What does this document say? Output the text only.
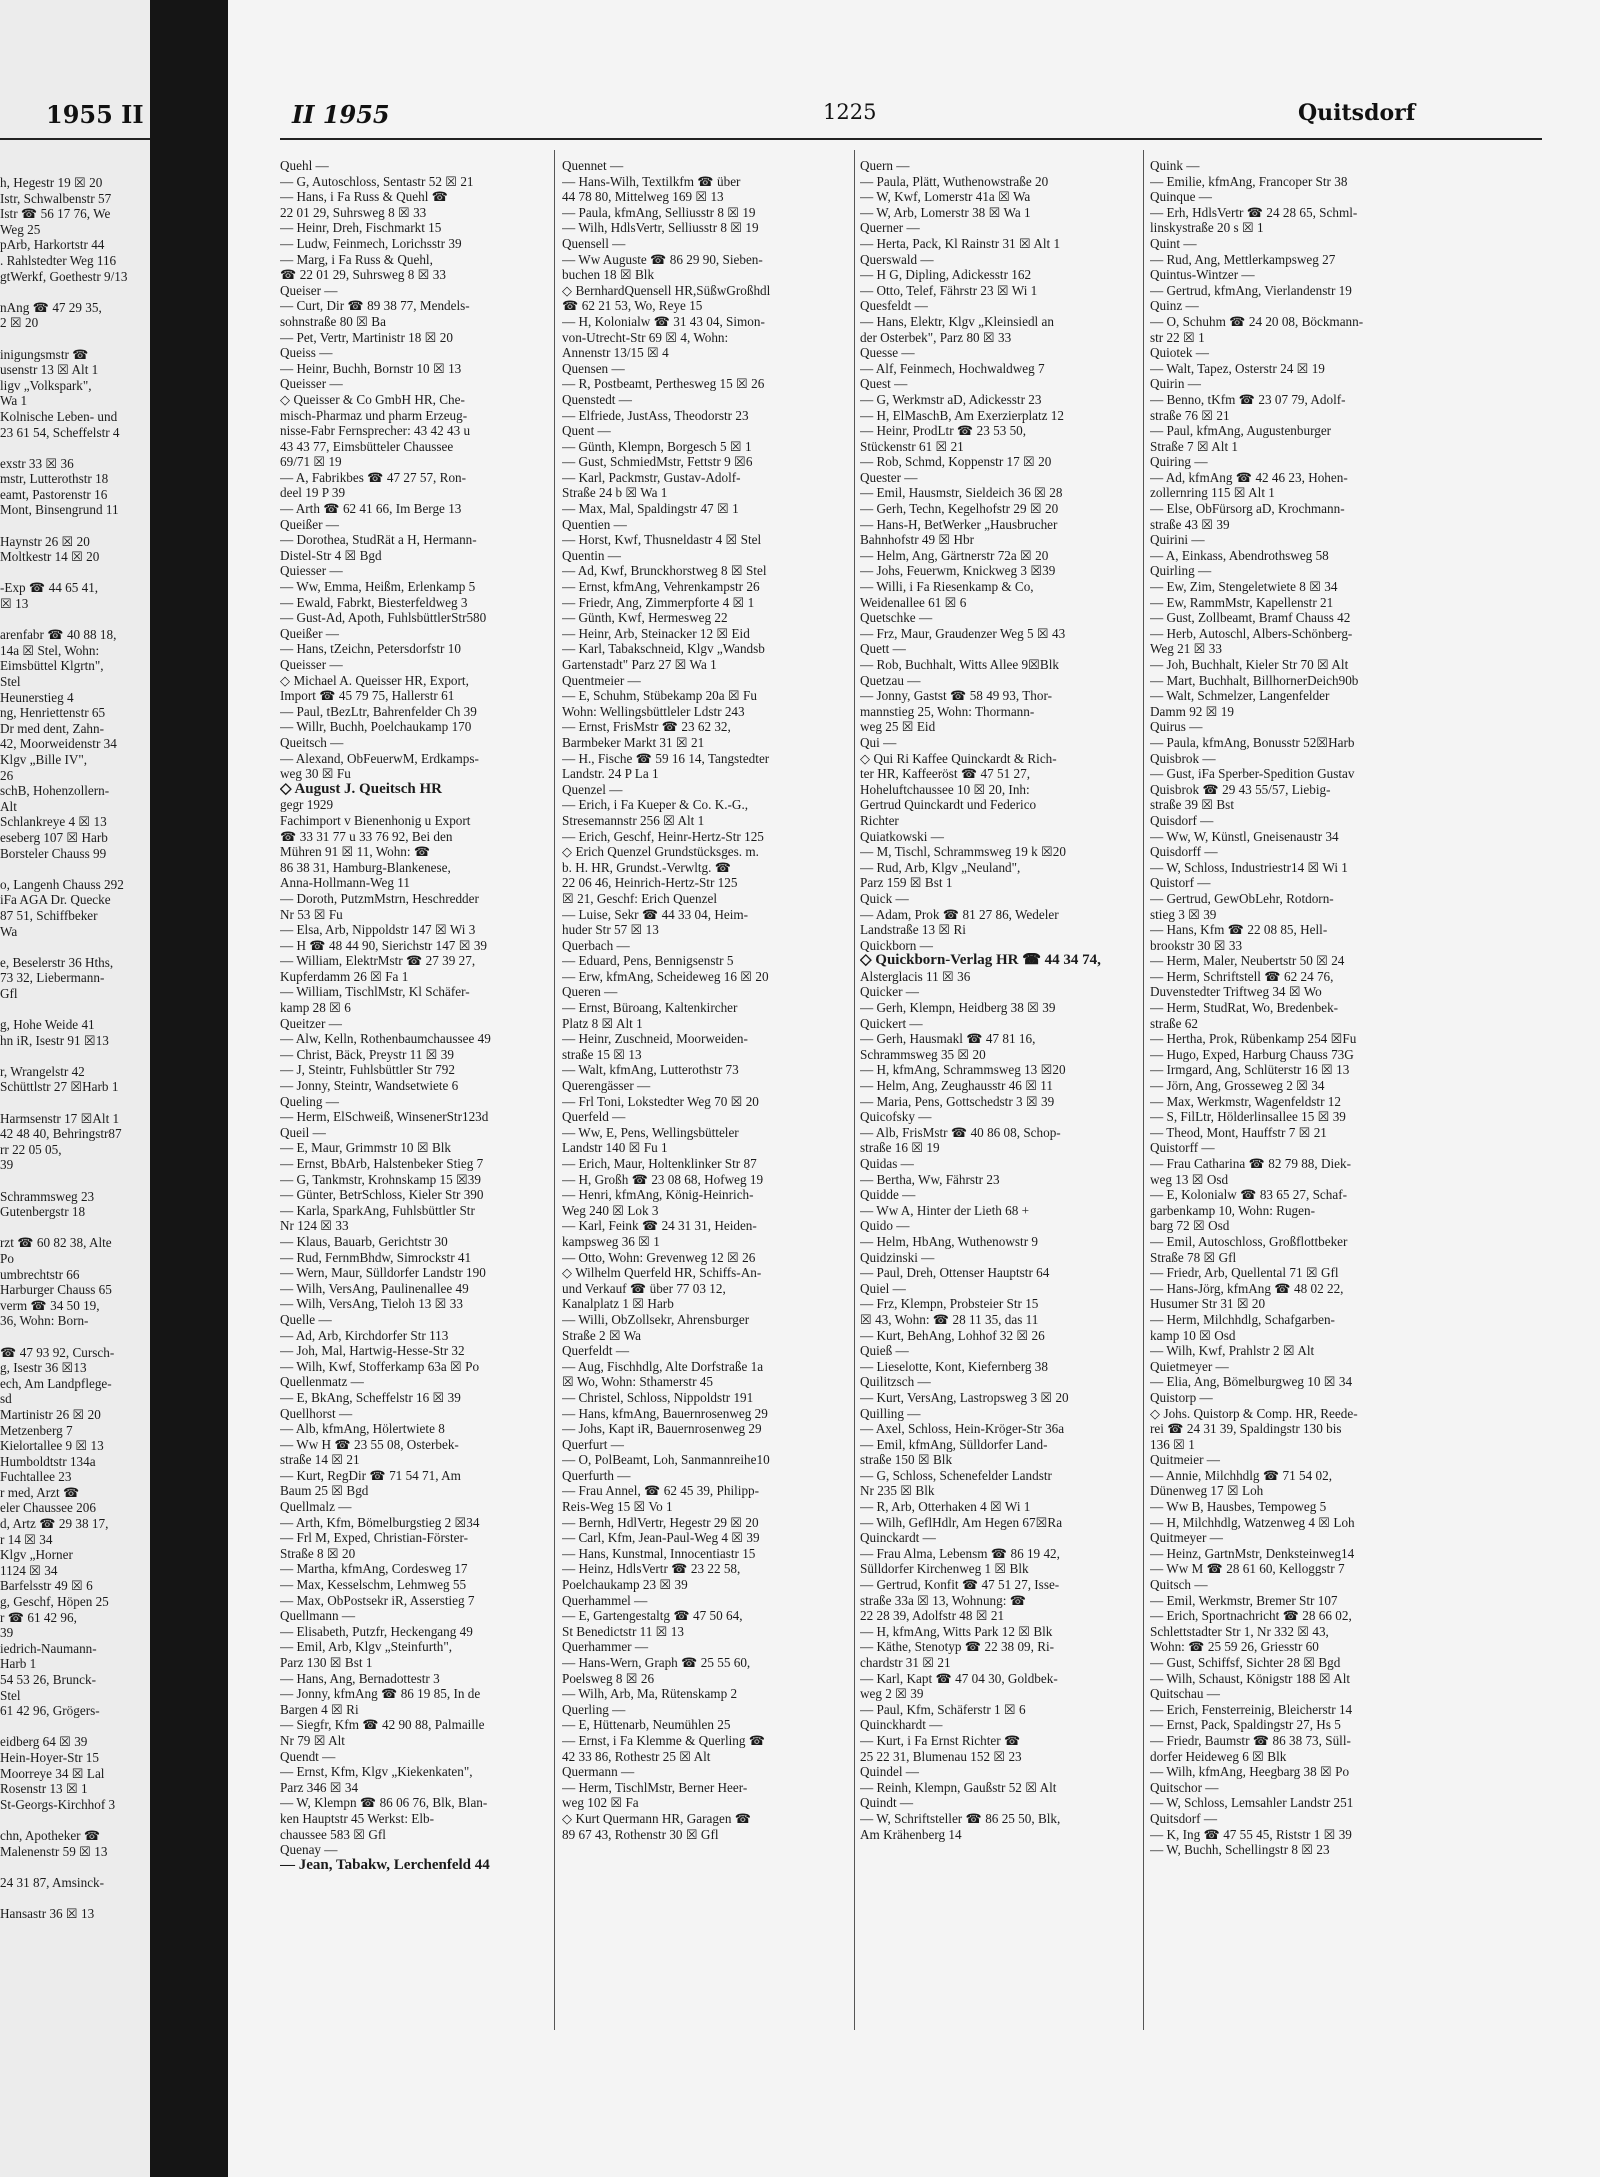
1955 II
h, Hegestr 19 ☒ 20
Istr, Schwalbenstr 57
Istr ☎ 56 17 76, We
Weg 25
pArb, Harkortstr 44
. Rahlstedter Weg 116
gtWerkf, Goethestr 9/13

nAng ☎ 47 29 35,
2 ☒ 20

inigungsmstr ☎
usenstr 13 ☒ Alt 1
ligv „Volkspark",
Wa 1
Kolnische Leben- und
23 61 54, Scheffelstr 4

exstr 33 ☒ 36
mstr, Lutterothstr 18
eamt, Pastorenstr 16
Mont, Binsengrund 11

Haynstr 26 ☒ 20
Moltkestr 14 ☒ 20

-Exp ☎ 44 65 41,
☒ 13

arenfabr ☎ 40 88 18,
14a ☒ Stel, Wohn:
Eimsbüttel Klgrtn",
Stel
Heunerstieg 4
ng, Henriettenstr 65
Dr med dent, Zahn-
42, Moorweidenstr 34
Klgv „Bille IV",
26
schB, Hohenzollern-
Alt
Schlankreye 4 ☒ 13
eseberg 107 ☒ Harb
Borsteler Chauss 99

o, Langenh Chauss 292
iFa AGA Dr. Quecke
87 51, Schiffbeker
Wa

e, Beselerstr 36 Hths,
73 32, Liebermann-
Gfl

g, Hohe Weide 41
hn iR, Isestr 91 ☒13

r, Wrangelstr 42
Schüttlstr 27 ☒Harb 1

Harmsenstr 17 ☒Alt 1
42 48 40, Behringstr87
rr 22 05 05,
39

Schrammsweg 23
Gutenbergstr 18

rzt ☎ 60 82 38, Alte
Po
umbrechtstr 66
Harburger Chauss 65
verm ☎ 34 50 19,
36, Wohn: Born-

☎ 47 93 92, Cursch-
g, Isestr 36 ☒13
ech, Am Landpflege-
sd
Martinistr 26 ☒ 20
Metzenberg 7
Kielortallee 9 ☒ 13
Humboldtstr 134a
Fuchtallee 23
r med, Arzt ☎
eler Chaussee 206
d, Artz ☎ 29 38 17,
r 14 ☒ 34
Klgv „Horner
1124 ☒ 34
Barfelsstr 49 ☒ 6
g, Geschf, Höpen 25
r ☎ 61 42 96,
39
iedrich-Naumann-
Harb 1
54 53 26, Brunck-
Stel
61 42 96, Grögers-

eidberg 64 ☒ 39
Hein-Hoyer-Str 15
Moorreye 34 ☒ Lal
Rosenstr 13 ☒ 1
St-Georgs-Kirchhof 3

chn, Apotheker ☎
Malenenstr 59 ☒ 13

24 31 87, Amsinck-

Hansastr 36 ☒ 13
II 1955	1225	Quitsdorf
Quehl —
— G, Autoschloss, Sentastr 52 ☒ 21
— Hans, i Fa Russ & Quehl ☎
22 01 29, Suhrsweg 8 ☒ 33
— Heinr, Dreh, Fischmarkt 15
— Ludw, Feinmech, Lorichsstr 39
— Marg, i Fa Russ & Quehl,
☎ 22 01 29, Suhrsweg 8 ☒ 33
Queiser —
— Curt, Dir ☎ 89 38 77, Mendels-
sohnstraße 80 ☒ Ba
— Pet, Vertr, Martinistr 18 ☒ 20
Queiss —
— Heinr, Buchh, Bornstr 10 ☒ 13
Queisser —
◇ Queisser & Co GmbH HR, Che-
misch-Pharmaz und pharm Erzeug-
nisse-Fabr Fernsprecher: 43 42 43 u
43 43 77, Eimsbütteler Chaussee
69/71 ☒ 19
— A, Fabrikbes ☎ 47 27 57, Ron-
deel 19 P 39
— Arth ☎ 62 41 66, Im Berge 13
Queißer —
— Dorothea, StudRät a H, Hermann-
Distel-Str 4 ☒ Bgd
Quiesser —
— Ww, Emma, Heißm, Erlenkamp 5
— Ewald, Fabrkt, Biesterfeldweg 3
— Gust-Ad, Apoth, FuhlsbüttlerStr580
Queißer —
— Hans, tZeichn, Petersdorfstr 10
Queisser —
◇ Michael A. Queisser HR, Export,
Import ☎ 45 79 75, Hallerstr 61
— Paul, tBezLtr, Bahrenfelder Ch 39
— Willr, Buchh, Poelchaukamp 170
Queitsch —
— Alexand, ObFeuerwM, Erdkamps-
weg 30 ☒ Fu
◇ August J. Queitsch HR
gegr 1929
Fachimport v Bienenhonig u Export
☎ 33 31 77 u 33 76 92, Bei den
Mühren 91 ☒ 11, Wohn: ☎
86 38 31, Hamburg-Blankenese,
Anna-Hollmann-Weg 11
— Doroth, PutzmMstrn, Heschredder
Nr 53 ☒ Fu
— Elsa, Arb, Nippoldstr 147 ☒ Wi 3
— H ☎ 48 44 90, Sierichstr 147 ☒ 39
— William, ElektrMstr ☎ 27 39 27,
Kupferdamm 26 ☒ Fa 1
— William, TischlMstr, Kl Schäfer-
kamp 28 ☒ 6
Queitzer —
— Alw, Kelln, Rothenbaumchaussee 49
— Christ, Bäck, Preystr 11 ☒ 39
— J, Steintr, Fuhlsbüttler Str 792
— Jonny, Steintr, Wandsetwiete 6
Queling —
— Herm, ElSchweiß, WinsenerStr123d
Queil —
— E, Maur, Grimmstr 10 ☒ Blk
— Ernst, BbArb, Halstenbeker Stieg 7
— G, Tankmstr, Krohnskamp 15 ☒39
— Günter, BetrSchloss, Kieler Str 390
— Karla, SparkAng, Fuhlsbüttler Str
Nr 124 ☒ 33
— Klaus, Bauarb, Gerichtstr 30
— Rud, FernmBhdw, Simrockstr 41
— Wern, Maur, Sülldorfer Landstr 190
— Wilh, VersAng, Paulinenallee 49
— Wilh, VersAng, Tieloh 13 ☒ 33
Quelle —
— Ad, Arb, Kirchdorfer Str 113
— Joh, Mal, Hartwig-Hesse-Str 32
— Wilh, Kwf, Stofferkamp 63a ☒ Po
Quellenmatz —
— E, BkAng, Scheffelstr 16 ☒ 39
Quellhorst —
— Alb, kfmAng, Hölertwiete 8
— Ww H ☎ 23 55 08, Osterbek-
straße 14 ☒ 21
— Kurt, RegDir ☎ 71 54 71, Am
Baum 25 ☒ Bgd
Quellmalz —
— Arth, Kfm, Bömelburgstieg 2 ☒34
— Frl M, Exped, Christian-Förster-
Straße 8 ☒ 20
— Martha, kfmAng, Cordesweg 17
— Max, Kesselschm, Lehmweg 55
— Max, ObPostsekr iR, Asserstieg 7
Quellmann —
— Elisabeth, Putzfr, Heckengang 49
— Emil, Arb, Klgv „Steinfurth",
Parz 130 ☒ Bst 1
— Hans, Ang, Bernadottestr 3
— Jonny, kfmAng ☎ 86 19 85, In de
Bargen 4 ☒ Ri
— Siegfr, Kfm ☎ 42 90 88, Palmaille
Nr 79 ☒ Alt
Quendt —
— Ernst, Kfm, Klgv „Kiekenkaten",
Parz 346 ☒ 34
— W, Klempn ☎ 86 06 76, Blk, Blan-
ken Hauptstr 45 Werkst: Elb-
chaussee 583 ☒ Gfl
Quenay —
— Jean, Tabakw, Lerchenfeld 44
Quennet —
— Hans-Wilh, Textilkfm ☎ über
44 78 80, Mittelweg 169 ☒ 13
— Paula, kfmAng, Selliusstr 8 ☒ 19
— Wilh, HdlsVertr, Selliusstr 8 ☒ 19
Quensell —
— Ww Auguste ☎ 86 29 90, Sieben-
buchen 18 ☒ Blk
◇ BernhardQuensell HR,SüßwGroßhdl
☎ 62 21 53, Wo, Reye 15
— H, Kolonialw ☎ 31 43 04, Simon-
von-Utrecht-Str 69 ☒ 4, Wohn:
Annenstr 13/15 ☒ 4
Quensen —
— R, Postbeamt, Perthesweg 15 ☒ 26
Quenstedt —
— Elfriede, JustAss, Theodorstr 23
Quent —
— Günth, Klempn, Borgesch 5 ☒ 1
— Gust, SchmiedMstr, Fettstr 9 ☒6
— Karl, Packmstr, Gustav-Adolf-
Straße 24 b ☒ Wa 1
— Max, Mal, Spaldingstr 47 ☒ 1
Quentien —
— Horst, Kwf, Thusneldastr 4 ☒ Stel
Quentin —
— Ad, Kwf, Brunckhorstweg 8 ☒ Stel
— Ernst, kfmAng, Vehrenkampstr 26
— Friedr, Ang, Zimmerpforte 4 ☒ 1
— Günth, Kwf, Hermesweg 22
— Heinr, Arb, Steinacker 12 ☒ Eid
— Karl, Tabakschneid, Klgv „Wandsb
Gartenstadt" Parz 27 ☒ Wa 1
Quentmeier —
— E, Schuhm, Stübekamp 20a ☒ Fu
Wohn: Wellingsbüttleler Ldstr 243
— Ernst, FrisMstr ☎ 23 62 32,
Barmbeker Markt 31 ☒ 21
— H., Fische ☎ 59 16 14, Tangstedter
Landstr. 24 P La 1
Quenzel —
— Erich, i Fa Kueper & Co. K.-G.,
Stresemannstr 256 ☒ Alt 1
— Erich, Geschf, Heinr-Hertz-Str 125
◇ Erich Quenzel Grundstücksges. m.
b. H. HR, Grundst.-Verwltg. ☎
22 06 46, Heinrich-Hertz-Str 125
☒ 21, Geschf: Erich Quenzel
— Luise, Sekr ☎ 44 33 04, Heim-
huder Str 57 ☒ 13
Querbach —
— Eduard, Pens, Bennigsenstr 5
— Erw, kfmAng, Scheideweg 16 ☒ 20
Queren —
— Ernst, Büroang, Kaltenkircher
Platz 8 ☒ Alt 1
— Heinr, Zuschneid, Moorweiden-
straße 15 ☒ 13
— Walt, kfmAng, Lutterothstr 73
Querengässer —
— Frl Toni, Lokstedter Weg 70 ☒ 20
Querfeld —
— Ww, E, Pens, Wellingsbütteler
Landstr 140 ☒ Fu 1
— Erich, Maur, Holtenklinker Str 87
— H, Großh ☎ 23 08 68, Hofweg 19
— Henri, kfmAng, König-Heinrich-
Weg 240 ☒ Lok 3
— Karl, Feink ☎ 24 31 31, Heiden-
kampsweg 36 ☒ 1
— Otto, Wohn: Grevenweg 12 ☒ 26
◇ Wilhelm Querfeld HR, Schiffs-An-
und Verkauf ☎ über 77 03 12,
Kanalplatz 1 ☒ Harb
— Willi, ObZollsekr, Ahrensburger
Straße 2 ☒ Wa
Querfeldt —
— Aug, Fischhdlg, Alte Dorfstraße 1a
☒ Wo, Wohn: Sthamerstr 45
— Christel, Schloss, Nippoldstr 191
— Hans, kfmAng, Bauernrosenweg 29
— Johs, Kapt iR, Bauernrosenweg 29
Querfurt —
— O, PolBeamt, Loh, Sanmannreihe10
Querfurth —
— Frau Annel, ☎ 62 45 39, Philipp-
Reis-Weg 15 ☒ Vo 1
— Bernh, HdlVertr, Hegestr 29 ☒ 20
— Carl, Kfm, Jean-Paul-Weg 4 ☒ 39
— Hans, Kunstmal, Innocentiastr 15
— Heinz, HdlsVertr ☎ 23 22 58,
Poelchaukamp 23 ☒ 39
Querhammel —
— E, Gartengestaltg ☎ 47 50 64,
St Benedictstr 11 ☒ 13
Querhammer —
— Hans-Wern, Graph ☎ 25 55 60,
Poelsweg 8 ☒ 26
— Wilh, Arb, Ma, Rütenskamp 2
Querling —
— E, Hüttenarb, Neumühlen 25
— Ernst, i Fa Klemme & Querling ☎
42 33 86, Rothestr 25 ☒ Alt
Quermann —
— Herm, TischlMstr, Berner Heer-
weg 102 ☒ Fa
◇ Kurt Quermann HR, Garagen ☎
89 67 43, Rothenstr 30 ☒ Gfl
Quern —
— Paula, Plätt, Wuthenowstraße 20
— W, Kwf, Lomerstr 41a ☒ Wa
— W, Arb, Lomerstr 38 ☒ Wa 1
Querner —
— Herta, Pack, Kl Rainstr 31 ☒ Alt 1
Querswald —
— H G, Dipling, Adickesstr 162
— Otto, Telef, Fährstr 23 ☒ Wi 1
Quesfeldt —
— Hans, Elektr, Klgv „Kleinsiedl an
der Osterbek", Parz 80 ☒ 33
Quesse —
— Alf, Feinmech, Hochwaldweg 7
Quest —
— G, Werkmstr aD, Adickesstr 23
— H, ElMaschB, Am Exerzierplatz 12
— Heinr, ProdLtr ☎ 23 53 50,
Stückenstr 61 ☒ 21
— Rob, Schmd, Koppenstr 17 ☒ 20
Quester —
— Emil, Hausmstr, Sieldeich 36 ☒ 28
— Gerh, Techn, Kegelhofstr 29 ☒ 20
— Hans-H, BetWerker „Hausbrucher
Bahnhofstr 49 ☒ Hbr
— Helm, Ang, Gärtnerstr 72a ☒ 20
— Johs, Feuerwm, Knickweg 3 ☒39
— Willi, i Fa Riesenkamp & Co,
Weidenallee 61 ☒ 6
Quetschke —
— Frz, Maur, Graudenzer Weg 5 ☒ 43
Quett —
— Rob, Buchhalt, Witts Allee 9☒Blk
Quetzau —
— Jonny, Gastst ☎ 58 49 93, Thor-
mannstieg 25, Wohn: Thormann-
weg 25 ☒ Eid
Qui —
◇ Qui Ri Kaffee Quinckardt & Rich-
ter HR, Kaffeeröst ☎ 47 51 27,
Hoheluftchaussee 10 ☒ 20, Inh:
Gertrud Quinckardt und Federico
Richter
Quiatkowski —
— M, Tischl, Schrammsweg 19 k ☒20
— Rud, Arb, Klgv „Neuland",
Parz 159 ☒ Bst 1
Quick —
— Adam, Prok ☎ 81 27 86, Wedeler
Landstraße 13 ☒ Ri
Quickborn —
◇ Quickborn-Verlag HR ☎ 44 34 74,
Alsterglacis 11 ☒ 36
Quicker —
— Gerh, Klempn, Heidberg 38 ☒ 39
Quickert —
— Gerh, Hausmakl ☎ 47 81 16,
Schrammsweg 35 ☒ 20
— H, kfmAng, Schrammsweg 13 ☒20
— Helm, Ang, Zeughausstr 46 ☒ 11
— Maria, Pens, Gottschedstr 3 ☒ 39
Quicofsky —
— Alb, FrisMstr ☎ 40 86 08, Schop-
straße 16 ☒ 19
Quidas —
— Bertha, Ww, Fährstr 23
Quidde —
— Ww A, Hinter der Lieth 68 +
Quido —
— Helm, HbAng, Wuthenowstr 9
Quidzinski —
— Paul, Dreh, Ottenser Hauptstr 64
Quiel —
— Frz, Klempn, Probsteier Str 15
☒ 43, Wohn: ☎ 28 11 35, das 11
— Kurt, BehAng, Lohhof 32 ☒ 26
Quieß —
— Lieselotte, Kont, Kiefernberg 38
Quilitzsch —
— Kurt, VersAng, Lastropsweg 3 ☒ 20
Quilling —
— Axel, Schloss, Hein-Kröger-Str 36a
— Emil, kfmAng, Sülldorfer Land-
straße 150 ☒ Blk
— G, Schloss, Schenefelder Landstr
Nr 235 ☒ Blk
— R, Arb, Otterhaken 4 ☒ Wi 1
— Wilh, GeflHdlr, Am Hegen 67☒Ra
Quinckardt —
— Frau Alma, Lebensm ☎ 86 19 42,
Sülldorfer Kirchenweg 1 ☒ Blk
— Gertrud, Konfit ☎ 47 51 27, Isse-
straße 33a ☒ 13, Wohnung: ☎
22 28 39, Adolfstr 48 ☒ 21
— H, kfmAng, Witts Park 12 ☒ Blk
— Käthe, Stenotyp ☎ 22 38 09, Ri-
chardstr 31 ☒ 21
— Karl, Kapt ☎ 47 04 30, Goldbek-
weg 2 ☒ 39
— Paul, Kfm, Schäferstr 1 ☒ 6
Quinckhardt —
— Kurt, i Fa Ernst Richter ☎
25 22 31, Blumenau 152 ☒ 23
Quindel —
— Reinh, Klempn, Gaußstr 52 ☒ Alt
Quindt —
— W, Schriftsteller ☎ 86 25 50, Blk,
Am Krähenberg 14
Quink —
— Emilie, kfmAng, Francoper Str 38
Quinque —
— Erh, HdlsVertr ☎ 24 28 65, Schml-
linskystraße 20 s ☒ 1
Quint —
— Rud, Ang, Mettlerkampsweg 27
Quintus-Wintzer —
— Gertrud, kfmAng, Vierlandenstr 19
Quinz —
— O, Schuhm ☎ 24 20 08, Böckmann-
str 22 ☒ 1
Quiotek —
— Walt, Tapez, Osterstr 24 ☒ 19
Quirin —
— Benno, tKfm ☎ 23 07 79, Adolf-
straße 76 ☒ 21
— Paul, kfmAng, Augustenburger
Straße 7 ☒ Alt 1
Quiring —
— Ad, kfmAng ☎ 42 46 23, Hohen-
zollernring 115 ☒ Alt 1
— Else, ObFürsorg aD, Krochmann-
straße 43 ☒ 39
Quirini —
— A, Einkass, Abendrothsweg 58
Quirling —
— Ew, Zim, Stengeletwiete 8 ☒ 34
— Ew, RammMstr, Kapellenstr 21
— Gust, Zollbeamt, Bramf Chauss 42
— Herb, Autoschl, Albers-Schönberg-
Weg 21 ☒ 33
— Joh, Buchhalt, Kieler Str 70 ☒ Alt
— Mart, Buchhalt, BillhornerDeich90b
— Walt, Schmelzer, Langenfelder
Damm 92 ☒ 19
Quirus —
— Paula, kfmAng, Bonusstr 52☒Harb
Quisbrok —
— Gust, iFa Sperber-Spedition Gustav
Quisbrok ☎ 29 43 55/57, Liebig-
straße 39 ☒ Bst
Quisdorf —
— Ww, W, Künstl, Gneisenaustr 34
Quisdorff —
— W, Schloss, Industriestr14 ☒ Wi 1
Quistorf —
— Gertrud, GewObLehr, Rotdorn-
stieg 3 ☒ 39
— Hans, Kfm ☎ 22 08 85, Hell-
brookstr 30 ☒ 33
— Herm, Maler, Neubertstr 50 ☒ 24
— Herm, Schriftstell ☎ 62 24 76,
Duvenstedter Triftweg 34 ☒ Wo
— Herm, StudRat, Wo, Bredenbek-
straße 62
— Hertha, Prok, Rübenkamp 254 ☒Fu
— Hugo, Exped, Harburg Chauss 73G
— Irmgard, Ang, Schlüterstr 16 ☒ 13
— Jörn, Ang, Grosseweg 2 ☒ 34
— Max, Werkmstr, Wagenfeldstr 12
— S, FilLtr, Hölderlinsallee 15 ☒ 39
— Theod, Mont, Hauffstr 7 ☒ 21
Quistorff —
— Frau Catharina ☎ 82 79 88, Diek-
weg 13 ☒ Osd
— E, Kolonialw ☎ 83 65 27, Schaf-
garbenkamp 10, Wohn: Rugen-
barg 72 ☒ Osd
— Emil, Autoschloss, Großflottbeker
Straße 78 ☒ Gfl
— Friedr, Arb, Quellental 71 ☒ Gfl
— Hans-Jörg, kfmAng ☎ 48 02 22,
Husumer Str 31 ☒ 20
— Herm, Milchhdlg, Schafgarben-
kamp 10 ☒ Osd
— Wilh, Kwf, Prahlstr 2 ☒ Alt
Quietmeyer —
— Elia, Ang, Bömelburgweg 10 ☒ 34
Quistorp —
◇ Johs. Quistorp & Comp. HR, Reede-
rei ☎ 24 31 39, Spaldingstr 130 bis
136 ☒ 1
Quitmeier —
— Annie, Milchhdlg ☎ 71 54 02,
Dünenweg 17 ☒ Loh
— Ww B, Hausbes, Tempoweg 5
— H, Milchhdlg, Watzenweg 4 ☒ Loh
Quitmeyer —
— Heinz, GartnMstr, Denksteinweg14
— Ww M ☎ 28 61 60, Kelloggstr 7
Quitsch —
— Emil, Werkmstr, Bremer Str 107
— Erich, Sportnachricht ☎ 28 66 02,
Schlettstadter Str 1, Nr 332 ☒ 43,
Wohn: ☎ 25 59 26, Griesstr 60
— Gust, Schiffsf, Sichter 28 ☒ Bgd
— Wilh, Schaust, Königstr 188 ☒ Alt
Quitschau —
— Erich, Fensterreinig, Bleicherstr 14
— Ernst, Pack, Spaldingstr 27, Hs 5
— Friedr, Baumstr ☎ 86 38 73, Süll-
dorfer Heideweg 6 ☒ Blk
— Wilh, kfmAng, Heegbarg 38 ☒ Po
Quitschor —
— W, Schloss, Lemsahler Landstr 251
Quitsdorf —
— K, Ing ☎ 47 55 45, Riststr 1 ☒ 39
— W, Buchh, Schellingstr 8 ☒ 23
